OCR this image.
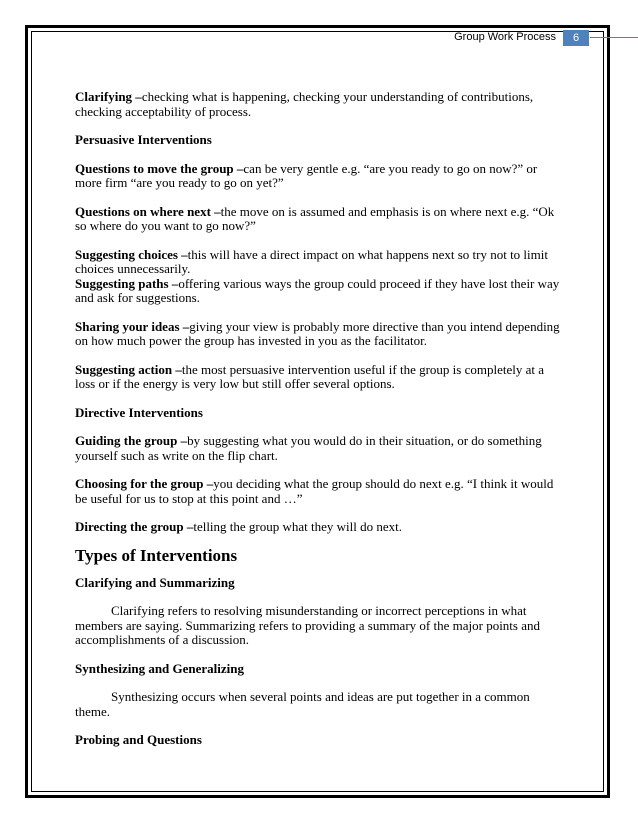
Group Work Process	6

Clarifying –checking what is happening, checking your understanding of contributions, checking acceptability of process.

Persuasive Interventions

Questions to move the group –can be very gentle e.g. “are you ready to go on now?” or more firm “are you ready to go on yet?”

Questions on where next –the move on is assumed and emphasis is on where next e.g. “Ok so where do you want to go now?”

Suggesting choices –this will have a direct impact on what happens next so try not to limit choices unnecessarily.

Suggesting paths –offering various ways the group could proceed if they have lost their way and ask for suggestions.

Sharing your ideas –giving your view is probably more directive than you intend depending on how much power the group has invested in you as the facilitator.

Suggesting action –the most persuasive intervention useful if the group is completely at a loss or if the energy is very low but still offer several options.

Directive Interventions

Guiding the group –by suggesting what you would do in their situation, or do something yourself such as write on the flip chart.

Choosing for the group –you deciding what the group should do next e.g. “I think it would be useful for us to stop at this point and …”

Directing the group –telling the group what they will do next.

Types of Interventions

Clarifying and Summarizing

Clarifying refers to resolving misunderstanding or incorrect perceptions in what members are saying. Summarizing refers to providing a summary of the major points and accomplishments of a discussion.

Synthesizing and Generalizing

Synthesizing occurs when several points and ideas are put together in a common theme.

Probing and Questions
